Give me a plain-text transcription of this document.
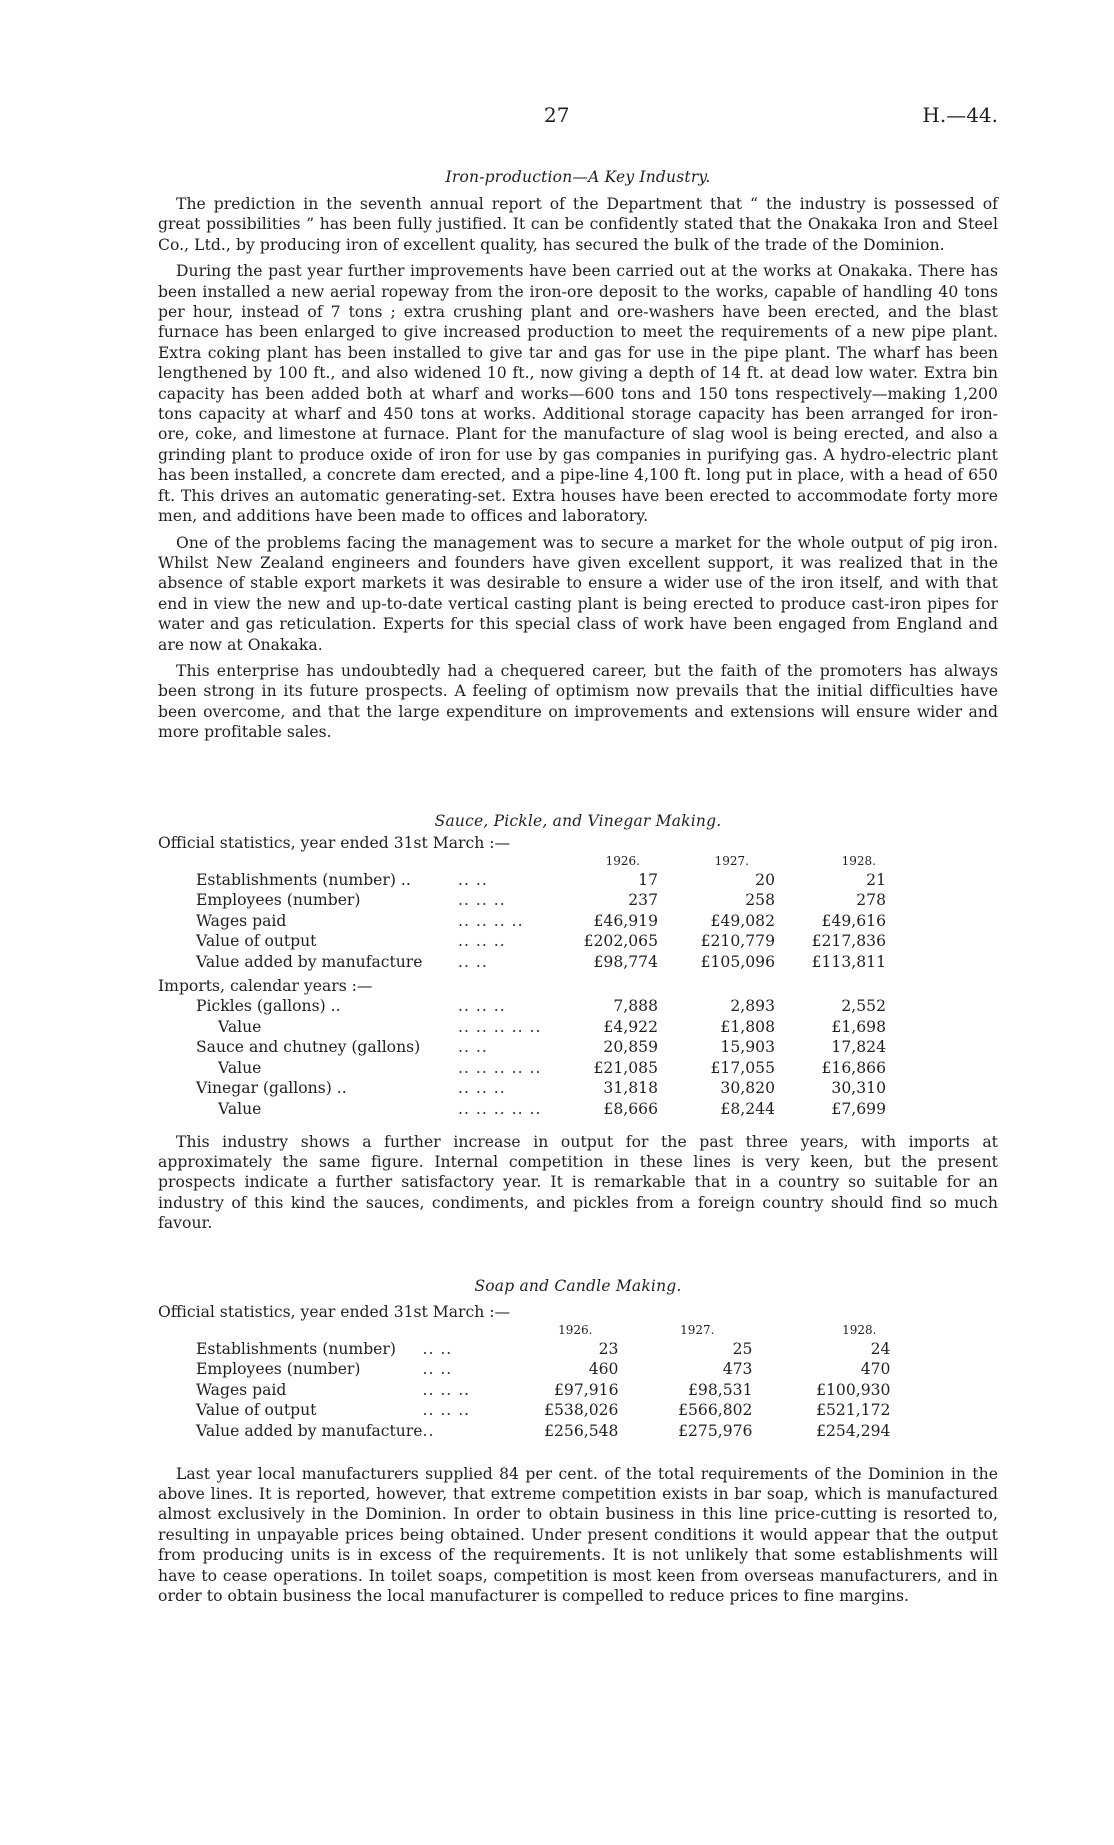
27	H.—44.

Iron-production—A Key Industry.

The prediction in the seventh annual report of the Department that “ the industry is possessed of great possibilities ” has been fully justified. It can be confidently stated that the Onakaka Iron and Steel Co., Ltd., by producing iron of excellent quality, has secured the bulk of the trade of the Dominion.

During the past year further improvements have been carried out at the works at Onakaka. There has been installed a new aerial ropeway from the iron-ore deposit to the works, capable of handling 40 tons per hour, instead of 7 tons ; extra crushing plant and ore-washers have been erected, and the blast furnace has been enlarged to give increased production to meet the requirements of a new pipe plant. Extra coking plant has been installed to give tar and gas for use in the pipe plant. The wharf has been lengthened by 100 ft., and also widened 10 ft., now giving a depth of 14 ft. at dead low water. Extra bin capacity has been added both at wharf and works—600 tons and 150 tons respectively—making 1,200 tons capacity at wharf and 450 tons at works. Additional storage capacity has been arranged for iron-ore, coke, and limestone at furnace. Plant for the manufacture of slag wool is being erected, and also a grinding plant to produce oxide of iron for use by gas companies in purifying gas. A hydro-electric plant has been installed, a concrete dam erected, and a pipe-line 4,100 ft. long put in place, with a head of 650 ft. This drives an automatic generating-set. Extra houses have been erected to accommodate forty more men, and additions have been made to offices and laboratory.

One of the problems facing the management was to secure a market for the whole output of pig iron. Whilst New Zealand engineers and founders have given excellent support, it was realized that in the absence of stable export markets it was desirable to ensure a wider use of the iron itself, and with that end in view the new and up-to-date vertical casting plant is being erected to produce cast-iron pipes for water and gas reticulation. Experts for this special class of work have been engaged from England and are now at Onakaka.

This enterprise has undoubtedly had a chequered career, but the faith of the promoters has always been strong in its future prospects. A feeling of optimism now prevails that the initial difficulties have been overcome, and that the large expenditure on improvements and extensions will ensure wider and more profitable sales.

Sauce, Pickle, and Vinegar Making.

Official statistics, year ended 31st March :—

		1926.	1927.	1928.
Establishments (number) ..	.. ..	17	20	21
Employees (number)	.. .. ..	237	258	278
Wages paid	.. .. .. ..	£46,919	£49,082	£49,616
Value of output	.. .. ..	£202,065	£210,779	£217,836
Value added by manufacture	.. ..	£98,774	£105,096	£113,811

Imports, calendar years :—

Pickles (gallons) ..	.. .. ..	7,888	2,893	2,552
Value	.. .. .. .. ..	£4,922	£1,808	£1,698
Sauce and chutney (gallons)	.. ..	20,859	15,903	17,824
Value	.. .. .. .. ..	£21,085	£17,055	£16,866
Vinegar (gallons) ..	.. .. ..	31,818	30,820	30,310
Value	.. .. .. .. ..	£8,666	£8,244	£7,699

This industry shows a further increase in output for the past three years, with imports at approximately the same figure. Internal competition in these lines is very keen, but the present prospects indicate a further satisfactory year. It is remarkable that in a country so suitable for an industry of this kind the sauces, condiments, and pickles from a foreign country should find so much favour.

Soap and Candle Making.

Official statistics, year ended 31st March :—

		1926.	1927.	1928.
Establishments (number)	.. ..	23	25	24
Employees (number)	.. ..	460	473	470
Wages paid	.. .. ..	£97,916	£98,531	£100,930
Value of output	.. .. ..	£538,026	£566,802	£521,172
Value added by manufacture	..	£256,548	£275,976	£254,294

Last year local manufacturers supplied 84 per cent. of the total requirements of the Dominion in the above lines. It is reported, however, that extreme competition exists in bar soap, which is manufactured almost exclusively in the Dominion. In order to obtain business in this line price-cutting is resorted to, resulting in unpayable prices being obtained. Under present conditions it would appear that the output from producing units is in excess of the requirements. It is not unlikely that some establishments will have to cease operations. In toilet soaps, competition is most keen from overseas manufacturers, and in order to obtain business the local manufacturer is compelled to reduce prices to fine margins.
